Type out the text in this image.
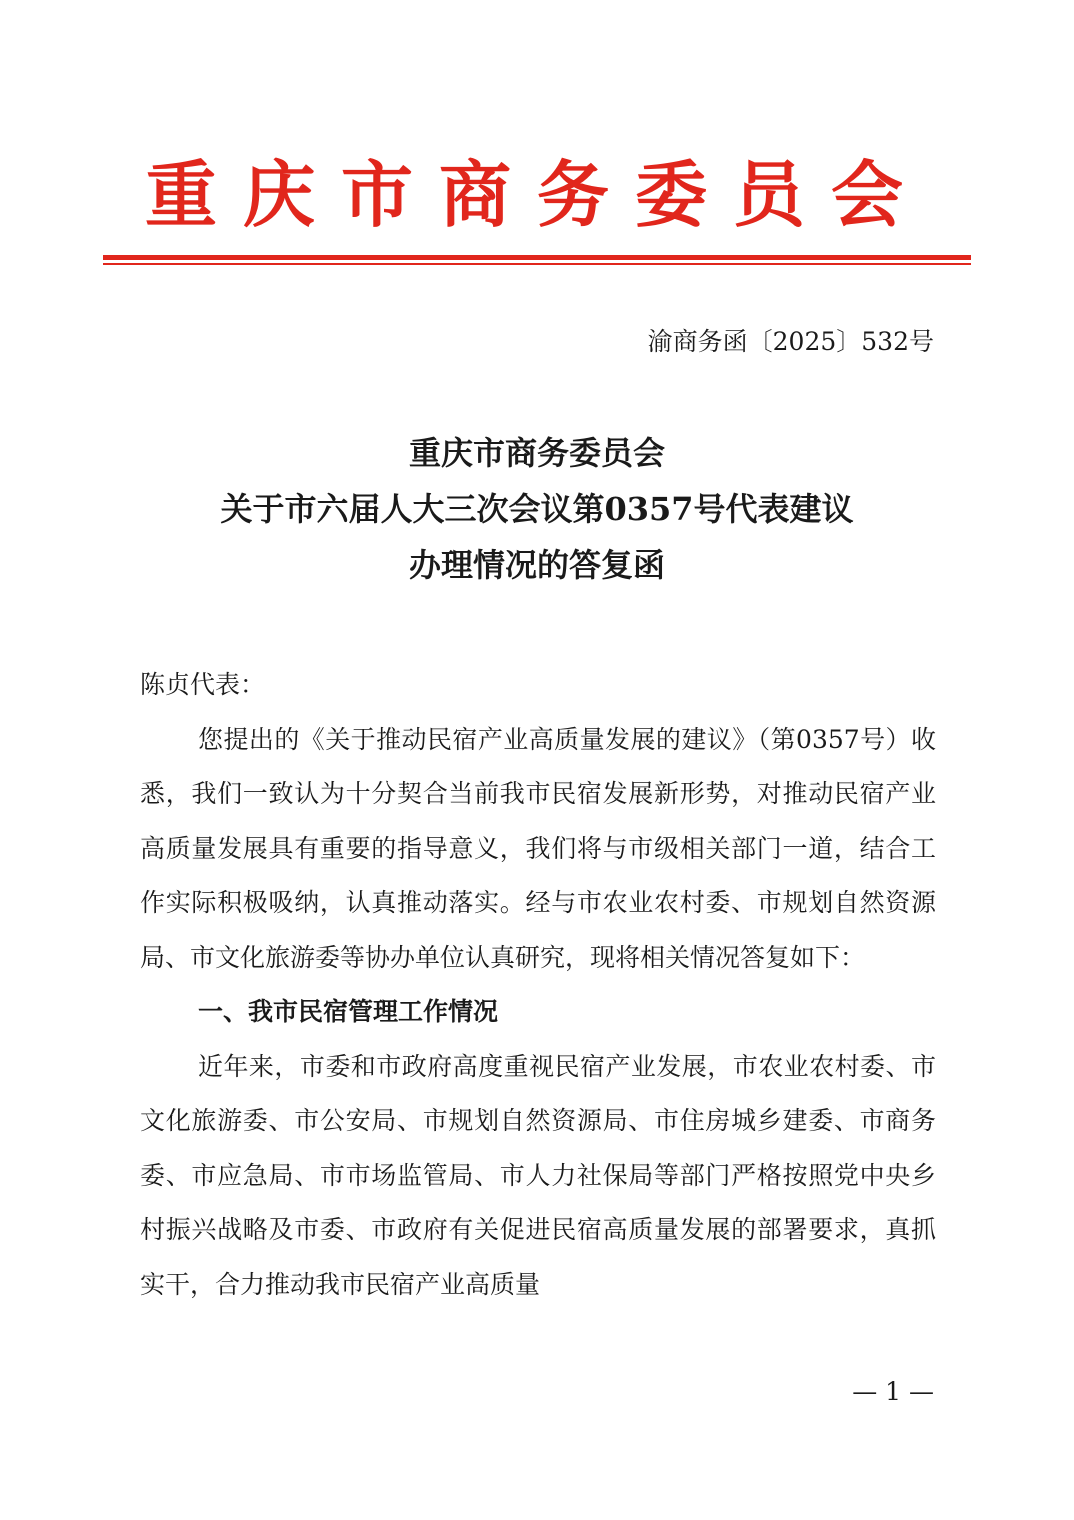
重庆市商务委员会
渝商务函〔2025〕532号
重庆市商务委员会
关于市六届人大三次会议第0357号代表建议
办理情况的答复函

陈贞代表：

您提出的《关于推动民宿产业高质量发展的建议》（第0357号）收悉，我们一致认为十分契合当前我市民宿发展新形势，对推动民宿产业高质量发展具有重要的指导意义，我们将与市级相关部门一道，结合工作实际积极吸纳，认真推动落实。经与市农业农村委、市规划自然资源局、市文化旅游委等协办单位认真研究，现将相关情况答复如下：

一、我市民宿管理工作情况

近年来，市委和市政府高度重视民宿产业发展，市农业农村委、市文化旅游委、市公安局、市规划自然资源局、市住房城乡建委、市商务委、市应急局、市市场监管局、市人力社保局等部门严格按照党中央乡村振兴战略及市委、市政府有关促进民宿高质量发展的部署要求，真抓实干，合力推动我市民宿产业高质量

— 1 —
